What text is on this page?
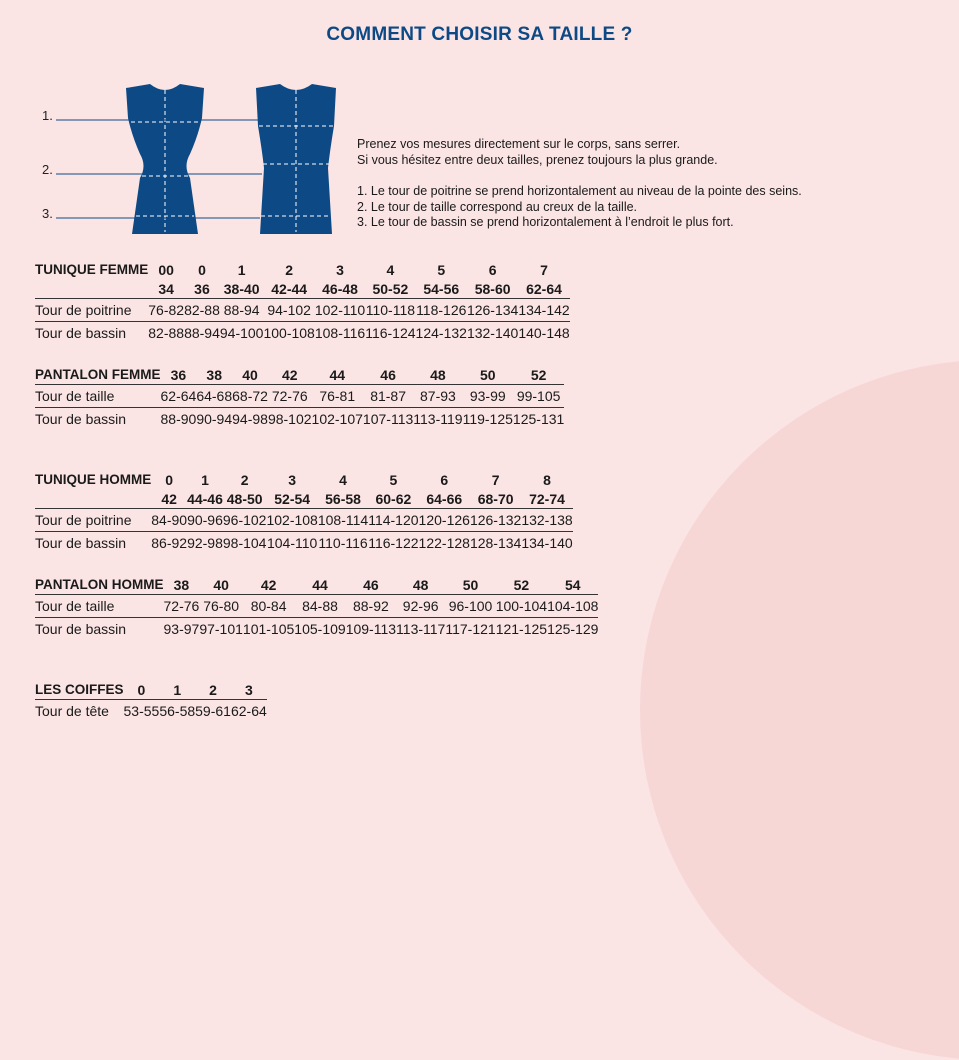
COMMENT CHOISIR SA TAILLE ?
1.
2.
3.

Prenez vos mesures directement sur le corps, sans serrer.

Si vous hésitez entre deux tailles, prenez toujours la plus grande.

1. Le tour de poitrine se prend horizontalement au niveau de la pointe des seins.

2. Le tour de taille correspond au creux de la taille.

3. Le tour de bassin se prend horizontalement à l’endroit le plus fort.

TUNIQUE FEMME	00	0	1	2	3	4	5	6	7
	34	36	38-40	42-44	46-48	50-52	54-56	58-60	62-64
Tour de poitrine	76-82	82-88	88-94	94-102	102-110	110-118	118-126	126-134	134-142
Tour de bassin	82-88	88-94	94-100	100-108	108-116	116-124	124-132	132-140	140-148
PANTALON FEMME	36	38	40	42	44	46	48	50	52
Tour de taille	62-64	64-68	68-72	72-76	76-81	81-87	87-93	93-99	99-105
Tour de bassin	88-90	90-94	94-98	98-102	102-107	107-113	113-119	119-125	125-131
TUNIQUE HOMME	0	1	2	3	4	5	6	7	8
	42	44-46	48-50	52-54	56-58	60-62	64-66	68-70	72-74
Tour de poitrine	84-90	90-96	96-102	102-108	108-114	114-120	120-126	126-132	132-138
Tour de bassin	86-92	92-98	98-104	104-110	110-116	116-122	122-128	128-134	134-140
PANTALON HOMME	38	40	42	44	46	48	50	52	54
Tour de taille	72-76	76-80	80-84	84-88	88-92	92-96	96-100	100-104	104-108
Tour de bassin	93-97	97-101	101-105	105-109	109-113	113-117	117-121	121-125	125-129
LES COIFFES	0	1	2	3
Tour de tête	53-55	56-58	59-61	62-64
